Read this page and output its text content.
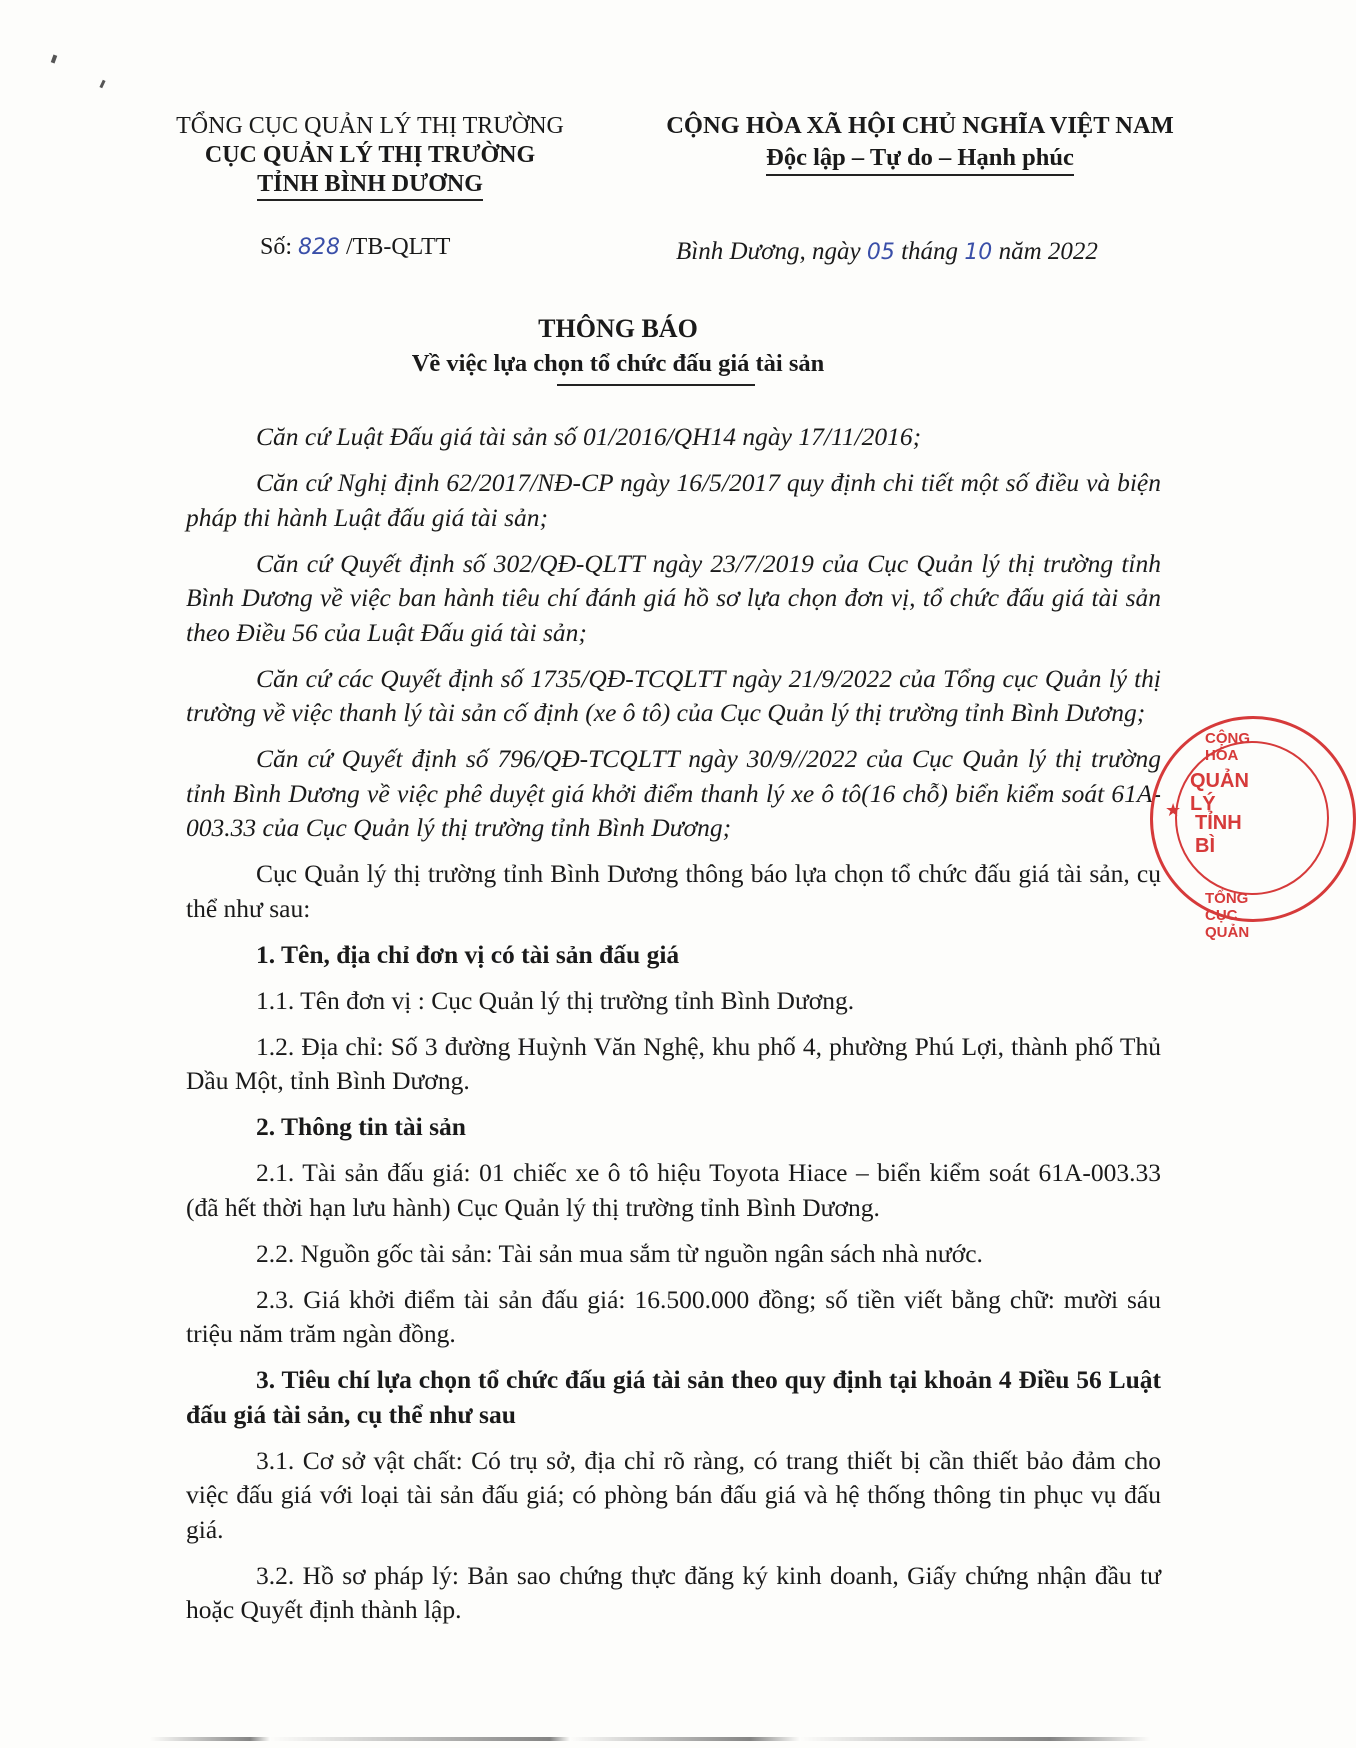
TỔNG CỤC QUẢN LÝ THỊ TRƯỜNG
CỤC QUẢN LÝ THỊ TRƯỜNG
TỈNH BÌNH DƯƠNG
CỘNG HÒA XÃ HỘI CHỦ NGHĨA VIỆT NAM
Độc lập – Tự do – Hạnh phúc
Số: 828 /TB-QLTT	Bình Dương, ngày 05 tháng 10 năm 2022
THÔNG BÁO
Về việc lựa chọn tổ chức đấu giá tài sản

Căn cứ Luật Đấu giá tài sản số 01/2016/QH14 ngày 17/11/2016;

Căn cứ Nghị định 62/2017/NĐ-CP ngày 16/5/2017 quy định chi tiết một số điều và biện pháp thi hành Luật đấu giá tài sản;

Căn cứ Quyết định số 302/QĐ-QLTT ngày 23/7/2019 của Cục Quản lý thị trường tỉnh Bình Dương về việc ban hành tiêu chí đánh giá hồ sơ lựa chọn đơn vị, tổ chức đấu giá tài sản theo Điều 56 của Luật Đấu giá tài sản;

Căn cứ các Quyết định số 1735/QĐ-TCQLTT ngày 21/9/2022 của Tổng cục Quản lý thị trường về việc thanh lý tài sản cố định (xe ô tô) của Cục Quản lý thị trường tỉnh Bình Dương;

Căn cứ Quyết định số 796/QĐ-TCQLTT ngày 30/9//2022 của Cục Quản lý thị trường tỉnh Bình Dương về việc phê duyệt giá khởi điểm thanh lý xe ô tô(16 chỗ) biển kiểm soát 61A-003.33 của Cục Quản lý thị trường tỉnh Bình Dương;

Cục Quản lý thị trường tỉnh Bình Dương thông báo lựa chọn tổ chức đấu giá tài sản, cụ thể như sau:

1. Tên, địa chỉ đơn vị có tài sản đấu giá

1.1. Tên đơn vị : Cục Quản lý thị trường tỉnh Bình Dương.

1.2. Địa chỉ: Số 3 đường Huỳnh Văn Nghệ, khu phố 4, phường Phú Lợi, thành phố Thủ Dầu Một, tỉnh Bình Dương.

2. Thông tin tài sản

2.1. Tài sản đấu giá: 01 chiếc xe ô tô hiệu Toyota Hiace – biển kiểm soát 61A-003.33 (đã hết thời hạn lưu hành) Cục Quản lý thị trường tỉnh Bình Dương.

2.2. Nguồn gốc tài sản: Tài sản mua sắm từ nguồn ngân sách nhà nước.

2.3. Giá khởi điểm tài sản đấu giá: 16.500.000 đồng; số tiền viết bằng chữ: mười sáu triệu năm trăm ngàn đồng.

3. Tiêu chí lựa chọn tổ chức đấu giá tài sản theo quy định tại khoản 4 Điều 56 Luật đấu giá tài sản, cụ thể như sau

3.1. Cơ sở vật chất: Có trụ sở, địa chỉ rõ ràng, có trang thiết bị cần thiết bảo đảm cho việc đấu giá với loại tài sản đấu giá; có phòng bán đấu giá và hệ thống thông tin phục vụ đấu giá.

3.2. Hồ sơ pháp lý: Bản sao chứng thực đăng ký kinh doanh, Giấy chứng nhận đầu tư hoặc Quyết định thành lập.

CỘNG HÒA
QUẢN LÝ
TỈNH BÌ
TỔNG CỤC QUẢN
★
